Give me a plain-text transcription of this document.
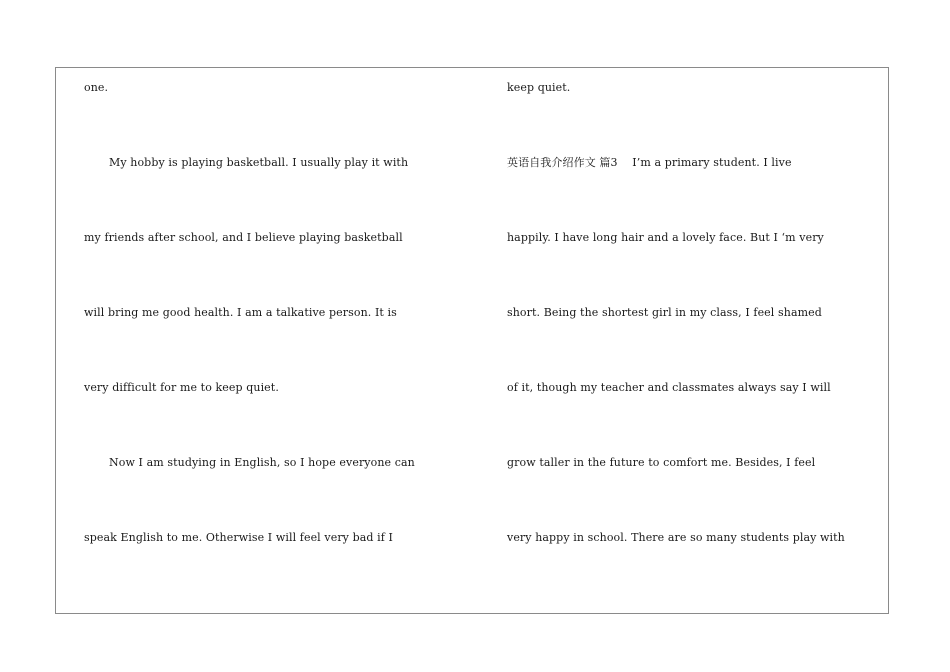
one.
My hobby is playing basketball. I usually play it with
my friends after school, and I believe playing basketball
will bring me good health. I am a talkative person. It is
very difficult for me to keep quiet.
Now I am studying in English, so I hope everyone can
speak English to me. Otherwise I will feel very bad if I
keep quiet.
英语自我介绍作文 篇3　 I’m a primary student. I live
happily. I have long hair and a lovely face. But I ‘m very
short. Being the shortest girl in my class, I feel shamed
of it, though my teacher and classmates always say I will
grow taller in the future to comfort me. Besides, I feel
very happy in school. There are so many students play with
